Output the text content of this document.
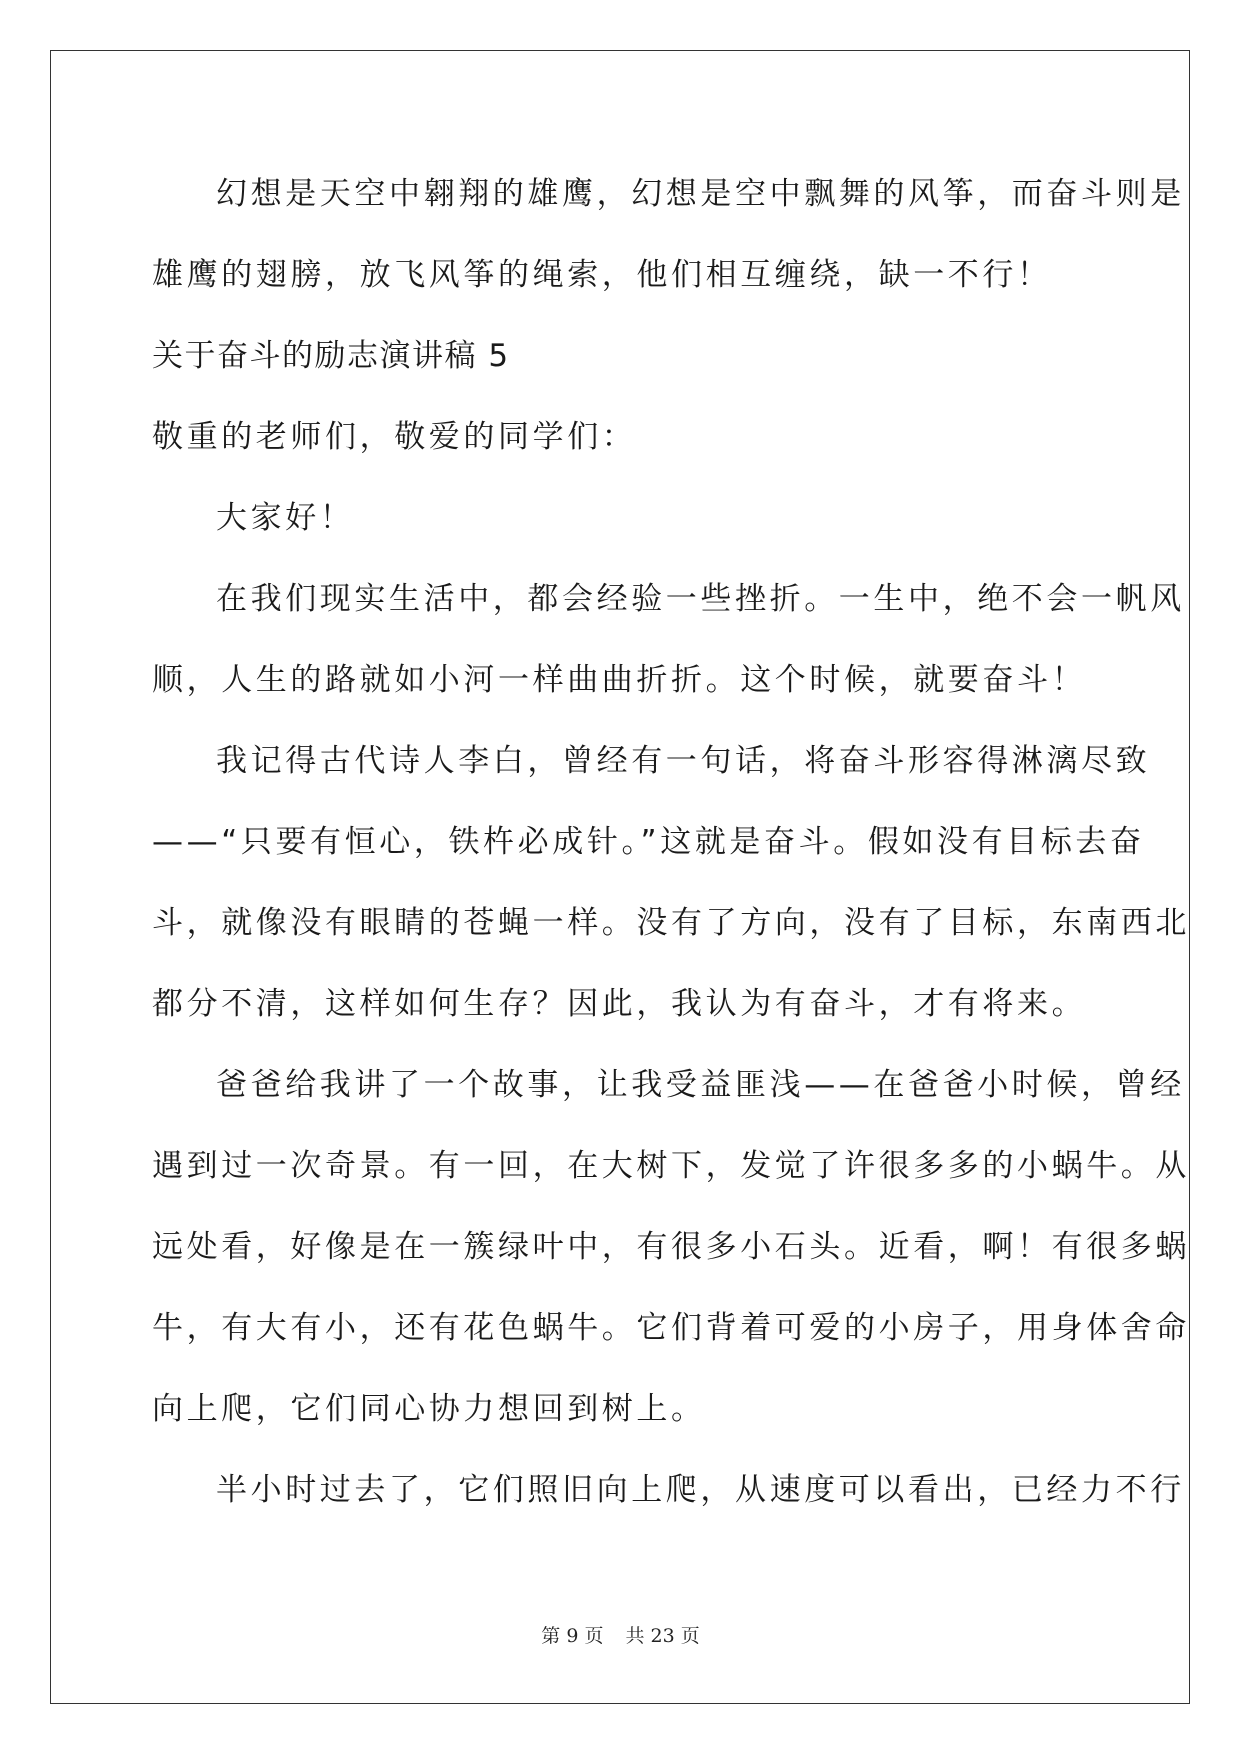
幻想是天空中翱翔的雄鹰，幻想是空中飘舞的风筝，而奋斗则是
雄鹰的翅膀，放飞风筝的绳索，他们相互缠绕，缺一不行！
关于奋斗的励志演讲稿 5
敬重的老师们，敬爱的同学们：
大家好！
在我们现实生活中，都会经验一些挫折。一生中，绝不会一帆风
顺，人生的路就如小河一样曲曲折折。这个时候，就要奋斗！
我记得古代诗人李白，曾经有一句话，将奋斗形容得淋漓尽致
——“只要有恒心，铁杵必成针。”这就是奋斗。假如没有目标去奋
斗，就像没有眼睛的苍蝇一样。没有了方向，没有了目标，东南西北
都分不清，这样如何生存？因此，我认为有奋斗，才有将来。
爸爸给我讲了一个故事，让我受益匪浅——在爸爸小时候，曾经
遇到过一次奇景。有一回，在大树下，发觉了许很多多的小蜗牛。从
远处看，好像是在一簇绿叶中，有很多小石头。近看，啊！有很多蜗
牛，有大有小，还有花色蜗牛。它们背着可爱的小房子，用身体舍命
向上爬，它们同心协力想回到树上。
半小时过去了，它们照旧向上爬，从速度可以看出，已经力不行
第 9 页 共 23 页
